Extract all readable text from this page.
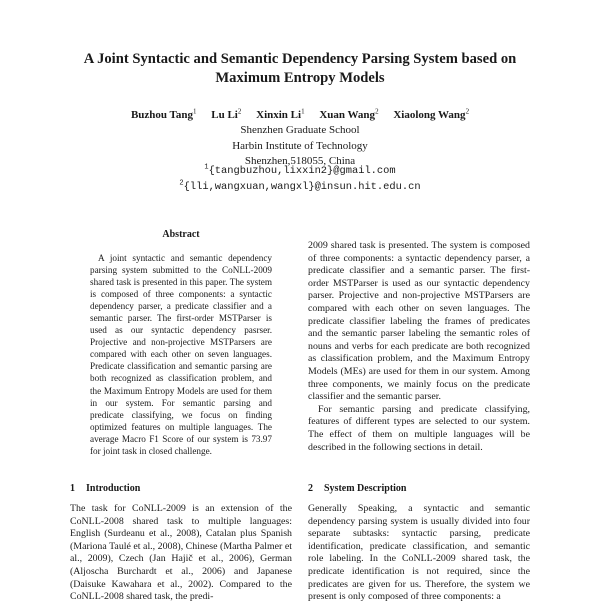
A Joint Syntactic and Semantic Dependency Parsing System based on
Maximum Entropy Models
Buzhou Tang$^1$ Lu Li$^2$ Xinxin Li$^1$ Xuan Wang$^2$ Xiaolong Wang$^2$
Shenzhen Graduate School
Harbin Institute of Technology
Shenzhen,518055, China
$^1${tangbuzhou,lixxin2}@gmail.com
$^2${lli,wangxuan,wangxl}@insun.hit.edu.cn
Abstract

A joint syntactic and semantic dependency parsing system submitted to the CoNLL-2009 shared task is presented in this paper. The system is composed of three components: a syntactic dependency parser, a predicate classifier and a semantic parser. The first-order MSTParser is used as our syntactic dependency pasrser. Projective and non-projective MSTParsers are compared with each other on seven languages. Predicate classification and semantic parsing are both recognized as classification problem, and the Maximum Entropy Models are used for them in our system. For semantic parsing and predicate classifying, we focus on finding optimized features on multiple languages. The average Macro F1 Score of our system is 73.97 for joint task in closed challenge.

1 Introduction

The task for CoNLL-2009 is an extension of the CoNLL-2008 shared task to multiple languages: English (Surdeanu et al., 2008), Catalan plus Spanish (Mariona Taulé et al., 2008), Chinese (Martha Palmer et al., 2009), Czech (Jan Hajič et al., 2006), German (Aljoscha Burchardt et al., 2006) and Japanese (Daisuke Kawahara et al., 2002). Compared to the CoNLL-2008 shared task, the predi-

2009 shared task is presented. The system is composed of three components: a syntactic dependency parser, a predicate classifier and a semantic parser. The first-order MSTParser is used as our syntactic dependency parser. Projective and non-projective MSTParsers are compared with each other on seven languages. The predicate classifier labeling the frames of predicates and the semantic parser labeling the semantic roles of nouns and verbs for each predicate are both recognized as classification problem, and the Maximum Entropy Models (MEs) are used for them in our system. Among three components, we mainly focus on the predicate classifier and the semantic parser.

For semantic parsing and predicate classifying, features of different types are selected to our system. The effect of them on multiple languages will be described in the following sections in detail.

2 System Description

Generally Speaking, a syntactic and semantic dependency parsing system is usually divided into four separate subtasks: syntactic parsing, predicate identification, predicate classification, and semantic role labeling. In the CoNLL-2009 shared task, the predicate identification is not required, since the predicates are given for us. Therefore, the system we present is only composed of three components: a
